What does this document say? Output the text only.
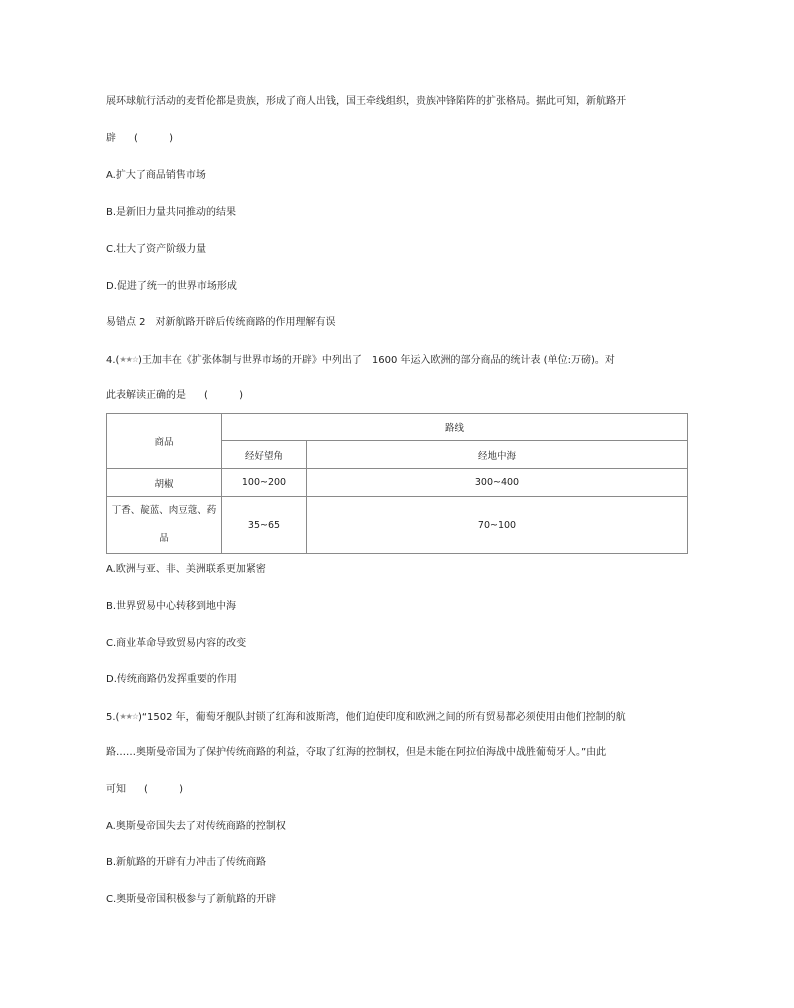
展环球航行活动的麦哲伦都是贵族，形成了商人出钱，国王牵线组织，贵族冲锋陷阵的扩张格局。据此可知，新航路开
辟 ( )
A.扩大了商品销售市场
B.是新旧力量共同推动的结果
C.壮大了资产阶级力量
D.促进了统一的世界市场形成
易错点 2　对新航路开辟后传统商路的作用理解有误
4.(★★☆)王加丰在《扩张体制与世界市场的开辟》中列出了　1600 年运入欧洲的部分商品的统计表 (单位:万磅)。对
此表解读正确的是 ( )
商品	路线	
	经好望角	经地中海
胡椒	100~200	300~400

丁香、靛蓝、肉豆蔻、药
品	35~65	70~100
A.欧洲与亚、非、美洲联系更加紧密
B.世界贸易中心转移到地中海
C.商业革命导致贸易内容的改变
D.传统商路仍发挥重要的作用
5.(★★☆)“1502 年，葡萄牙舰队封锁了红海和波斯湾，他们迫使印度和欧洲之间的所有贸易都必须使用由他们控制的航
路……奥斯曼帝国为了保护传统商路的利益，夺取了红海的控制权，但是未能在阿拉伯海战中战胜葡萄牙人。”由此
可知 ( )
A.奥斯曼帝国失去了对传统商路的控制权
B.新航路的开辟有力冲击了传统商路
C.奥斯曼帝国积极参与了新航路的开辟
